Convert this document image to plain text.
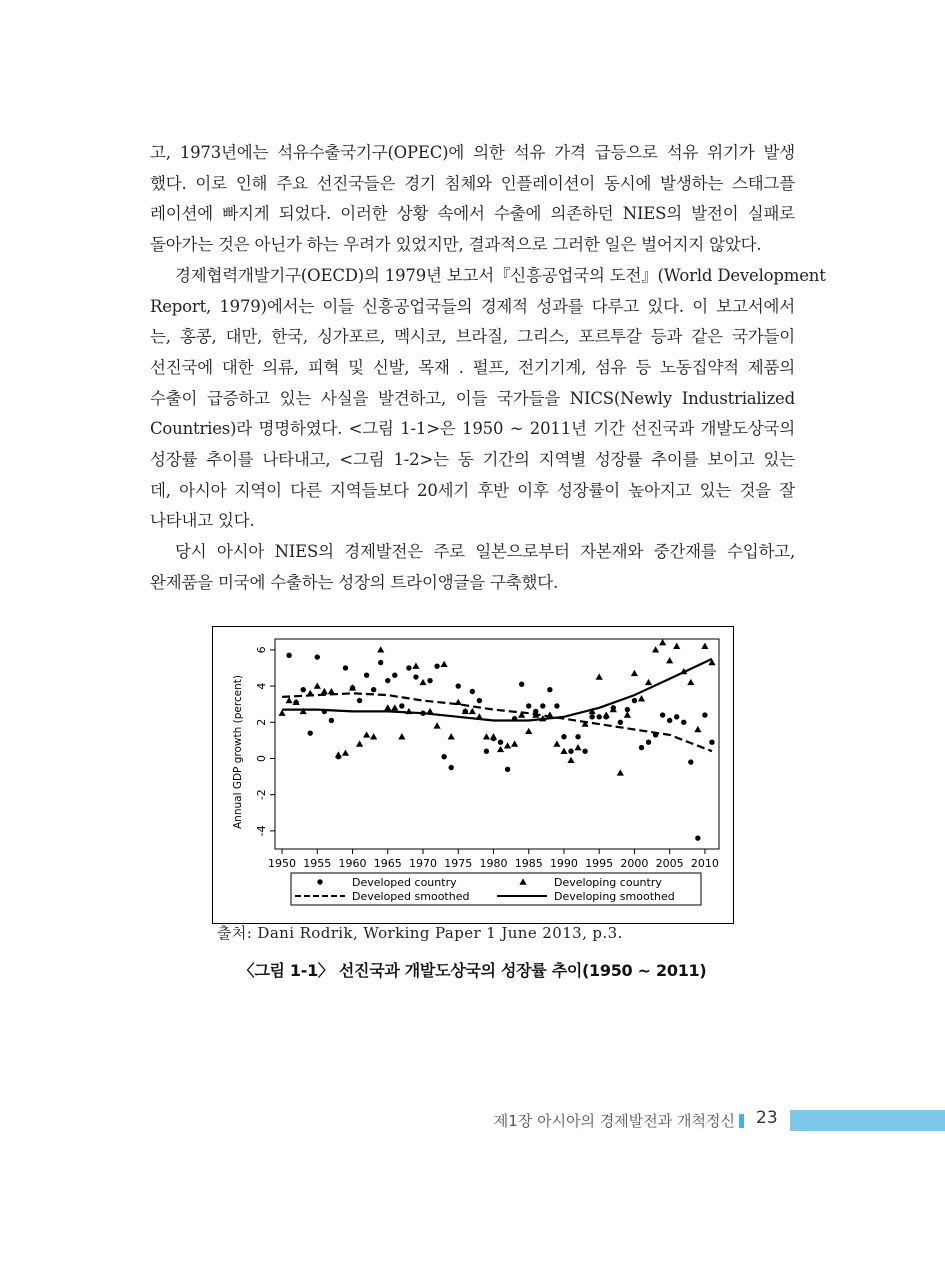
고, 1973년에는 석유수출국기구(OPEC)에 의한 석유 가격 급등으로 석유 위기가 발생
했다. 이로 인해 주요 선진국들은 경기 침체와 인플레이션이 동시에 발생하는 스태그플
레이션에 빠지게 되었다. 이러한 상황 속에서 수출에 의존하던 NIES의 발전이 실패로
돌아가는 것은 아닌가 하는 우려가 있었지만, 결과적으로 그러한 일은 벌어지지 않았다.
경제협력개발기구(OECD)의 1979년 보고서『신흥공업국의 도전』(World Development
Report, 1979)에서는 이들 신흥공업국들의 경제적 성과를 다루고 있다. 이 보고서에서
는, 홍콩, 대만, 한국, 싱가포르, 멕시코, 브라질, 그리스, 포르투갈 등과 같은 국가들이
선진국에 대한 의류, 피혁 및 신발, 목재 . 펄프, 전기기계, 섬유 등 노동집약적 제품의
수출이 급증하고 있는 사실을 발견하고, 이들 국가들을 NICS(Newly Industrialized
Countries)라 명명하였다. <그림 1-1>은 1950 ~ 2011년 기간 선진국과 개발도상국의
성장률 추이를 나타내고, <그림 1-2>는 동 기간의 지역별 성장률 추이를 보이고 있는
데, 아시아 지역이 다른 지역들보다 20세기 후반 이후 성장률이 높아지고 있는 것을 잘
나타내고 있다.
당시 아시아 NIES의 경제발전은 주로 일본으로부터 자본재와 중간재를 수입하고,
완제품을 미국에 수출하는 성장의 트라이앵글을 구축했다.
-4
-2
0
2
4
6
Annual GDP growth (percent)
1950 1955 1960 1965 1970 1975 1980 1985 1990 1995 2000 2005 2010
Developed country	Developing country
Developed smoothed	Developing smoothed
출처: Dani Rodrik, Working Paper 1 June 2013, p.3.
〈그림 1-1〉 선진국과 개발도상국의 성장률 추이(1950 ~ 2011)
제1장 아시아의 경제발전과 개척정신 23
